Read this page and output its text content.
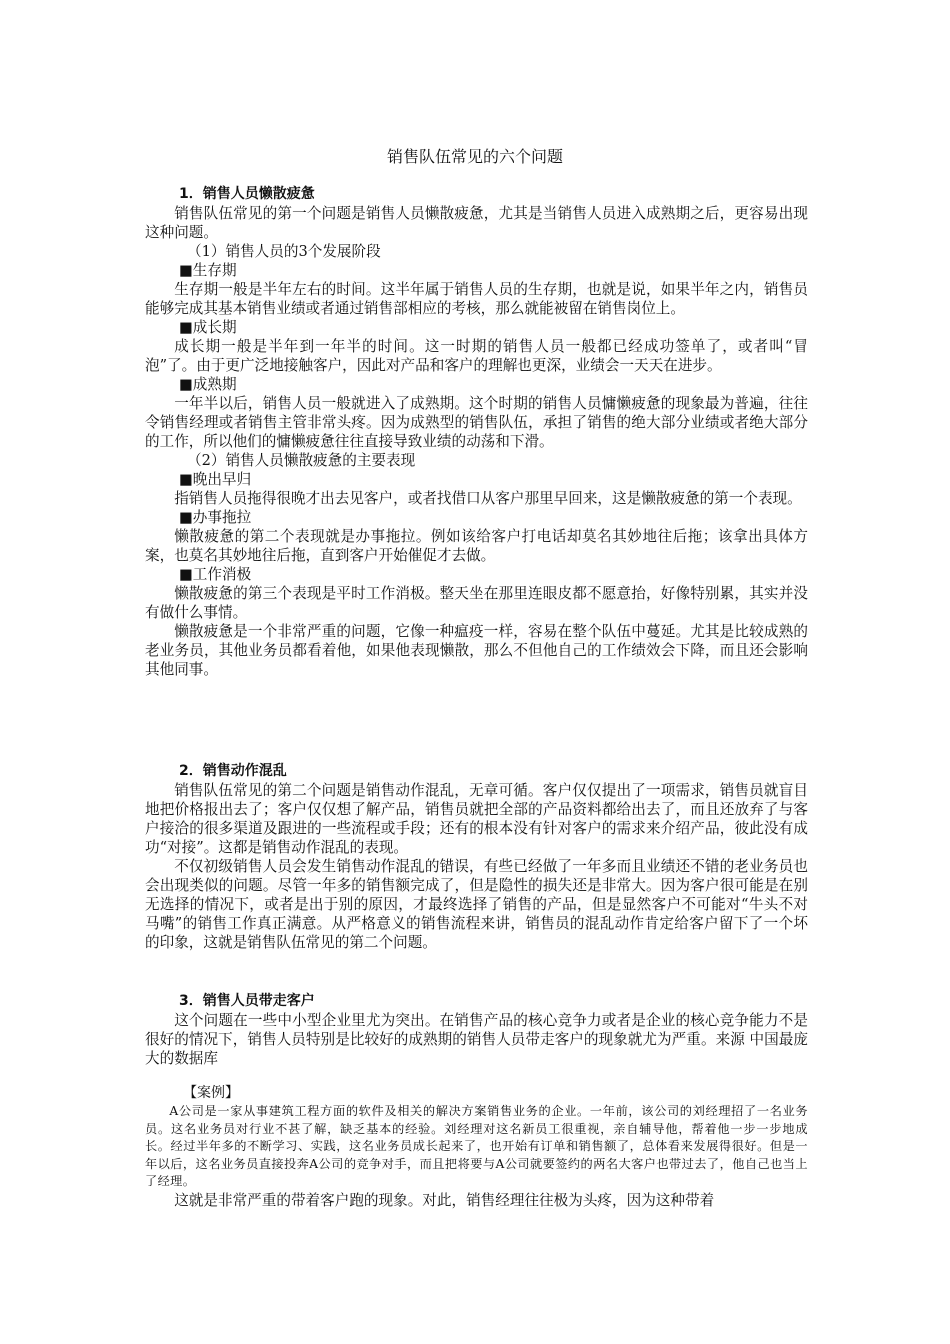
销售队伍常见的六个问题

1．销售人员懒散疲惫

销售队伍常见的第一个问题是销售人员懒散疲惫，尤其是当销售人员进入成熟期之后，更容易出现这种问题。

（1）销售人员的3个发展阶段

■生存期

生存期一般是半年左右的时间。这半年属于销售人员的生存期，也就是说，如果半年之内，销售员能够完成其基本销售业绩或者通过销售部相应的考核，那么就能被留在销售岗位上。

■成长期

成长期一般是半年到一年半的时间。这一时期的销售人员一般都已经成功签单了，或者叫“冒泡”了。由于更广泛地接触客户，因此对产品和客户的理解也更深，业绩会一天天在进步。

■成熟期

一年半以后，销售人员一般就进入了成熟期。这个时期的销售人员慵懒疲惫的现象最为普遍，往往令销售经理或者销售主管非常头疼。因为成熟型的销售队伍，承担了销售的绝大部分业绩或者绝大部分的工作，所以他们的慵懒疲惫往往直接导致业绩的动荡和下滑。

（2）销售人员懒散疲惫的主要表现

■晚出早归

指销售人员拖得很晚才出去见客户，或者找借口从客户那里早回来，这是懒散疲惫的第一个表现。

■办事拖拉

懒散疲惫的第二个表现就是办事拖拉。例如该给客户打电话却莫名其妙地往后拖；该拿出具体方案，也莫名其妙地往后拖，直到客户开始催促才去做。

■工作消极

懒散疲惫的第三个表现是平时工作消极。整天坐在那里连眼皮都不愿意抬，好像特别累，其实并没有做什么事情。

懒散疲惫是一个非常严重的问题，它像一种瘟疫一样，容易在整个队伍中蔓延。尤其是比较成熟的老业务员，其他业务员都看着他，如果他表现懒散，那么不但他自己的工作绩效会下降，而且还会影响其他同事。

2．销售动作混乱

销售队伍常见的第二个问题是销售动作混乱，无章可循。客户仅仅提出了一项需求，销售员就盲目地把价格报出去了；客户仅仅想了解产品，销售员就把全部的产品资料都给出去了，而且还放弃了与客户接洽的很多渠道及跟进的一些流程或手段；还有的根本没有针对客户的需求来介绍产品，彼此没有成功“对接”。这都是销售动作混乱的表现。

不仅初级销售人员会发生销售动作混乱的错误，有些已经做了一年多而且业绩还不错的老业务员也会出现类似的问题。尽管一年多的销售额完成了，但是隐性的损失还是非常大。因为客户很可能是在别无选择的情况下，或者是出于别的原因，才最终选择了销售的产品，但是显然客户不可能对“牛头不对马嘴”的销售工作真正满意。从严格意义的销售流程来讲，销售员的混乱动作肯定给客户留下了一个坏的印象，这就是销售队伍常见的第二个问题。

3．销售人员带走客户

这个问题在一些中小型企业里尤为突出。在销售产品的核心竞争力或者是企业的核心竞争能力不是很好的情况下，销售人员特别是比较好的成熟期的销售人员带走客户的现象就尤为严重。来源 中国最庞大的数据库

【案例】

A公司是一家从事建筑工程方面的软件及相关的解决方案销售业务的企业。一年前，该公司的刘经理招了一名业务员。这名业务员对行业不甚了解，缺乏基本的经验。刘经理对这名新员工很重视，亲自辅导他，帮着他一步一步地成长。经过半年多的不断学习、实践，这名业务员成长起来了，也开始有订单和销售额了，总体看来发展得很好。但是一年以后，这名业务员直接投奔A公司的竞争对手，而且把将要与A公司就要签约的两名大客户也带过去了，他自己也当上了经理。

这就是非常严重的带着客户跑的现象。对此，销售经理往往极为头疼，因为这种带着
